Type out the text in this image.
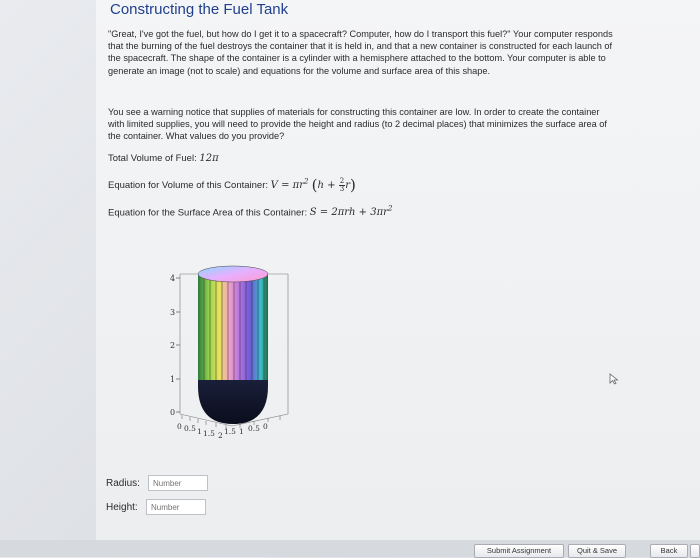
Constructing the Fuel Tank

"Great, I've got the fuel, but how do I get it to a spacecraft? Computer, how do I transport this fuel?" Your computer responds that the burning of the fuel destroys the container that it is held in, and that a new container is constructed for each launch of the spacecraft. The shape of the container is a cylinder with a hemisphere attached to the bottom. Your computer is able to generate an image (not to scale) and equations for the volume and surface area of this shape.

You see a warning notice that supplies of materials for constructing this container are low. In order to create the container with limited supplies, you will need to provide the height and radius (to 2 decimal places) that minimizes the surface area of the container. What values do you provide?

Total Volume of Fuel: 12π

Equation for Volume of this Container: $V = \pi r^2$ $(h + \frac{2}{3} r)$

Equation for the Surface Area of this Container: $S = 2\pi rh + 3\pi r^2$

0
1
2
3
4
0 0.5 1 1.5 2 1.5 1 0.5 0
Radius:
Number
Height:
Number
Submit Assignment	Quit & Save	Back
